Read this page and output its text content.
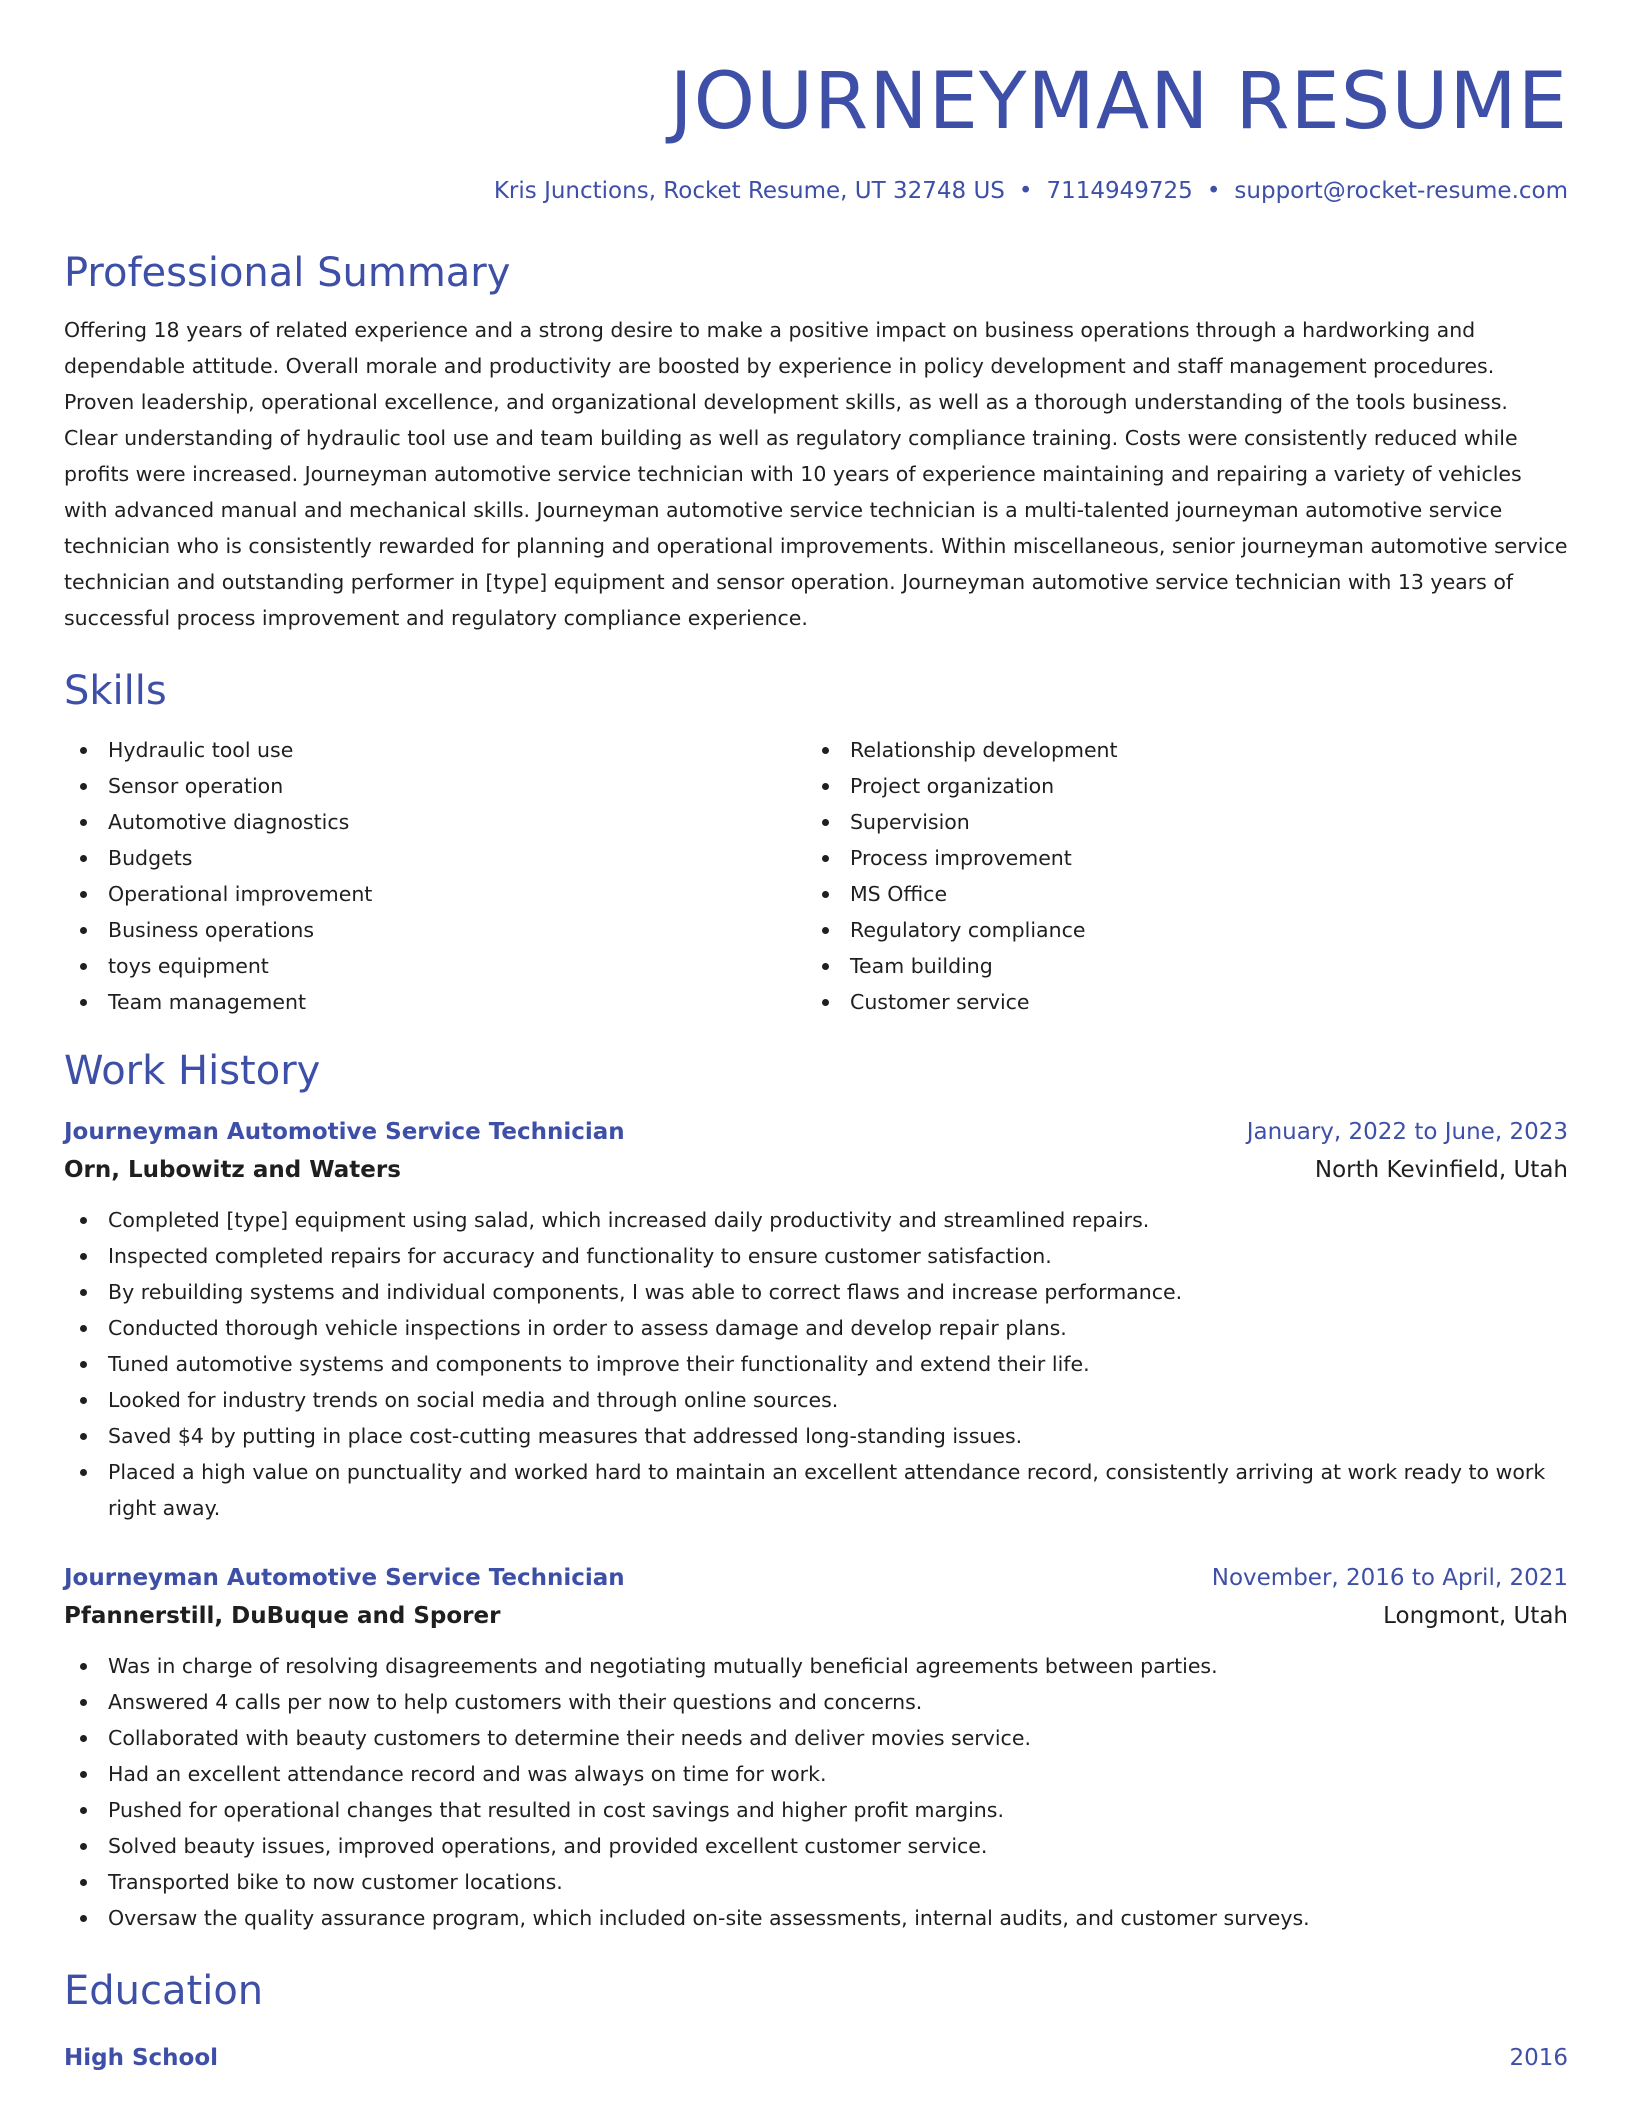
JOURNEYMAN RESUME
Kris Junctions, Rocket Resume, UT 32748 US • 7114949725 • support@rocket-resume.com
Professional Summary
Offering 18 years of related experience and a strong desire to make a positive impact on business operations through a hardworking and dependable attitude. Overall morale and productivity are boosted by experience in policy development and staff management procedures. Proven leadership, operational excellence, and organizational development skills, as well as a thorough understanding of the tools business. Clear understanding of hydraulic tool use and team building as well as regulatory compliance training. Costs were consistently reduced while profits were increased. Journeyman automotive service technician with 10 years of experience maintaining and repairing a variety of vehicles with advanced manual and mechanical skills. Journeyman automotive service technician is a multi-talented journeyman automotive service technician who is consistently rewarded for planning and operational improvements. Within miscellaneous, senior journeyman automotive service technician and outstanding performer in [type] equipment and sensor operation. Journeyman automotive service technician with 13 years of successful process improvement and regulatory compliance experience.
Skills
Hydraulic tool use
Sensor operation
Automotive diagnostics
Budgets
Operational improvement
Business operations
toys equipment
Team management
Relationship development
Project organization
Supervision
Process improvement
MS Office
Regulatory compliance
Team building
Customer service
Work History
Journeyman Automotive Service Technician	January, 2022 to June, 2023
Orn, Lubowitz and Waters	North Kevinfield, Utah
Completed [type] equipment using salad, which increased daily productivity and streamlined repairs.
Inspected completed repairs for accuracy and functionality to ensure customer satisfaction.
By rebuilding systems and individual components, I was able to correct flaws and increase performance.
Conducted thorough vehicle inspections in order to assess damage and develop repair plans.
Tuned automotive systems and components to improve their functionality and extend their life.
Looked for industry trends on social media and through online sources.
Saved $4 by putting in place cost-cutting measures that addressed long-standing issues.
Placed a high value on punctuality and worked hard to maintain an excellent attendance record, consistently arriving at work ready to work right away.
Journeyman Automotive Service Technician	November, 2016 to April, 2021
Pfannerstill, DuBuque and Sporer	Longmont, Utah
Was in charge of resolving disagreements and negotiating mutually beneficial agreements between parties.
Answered 4 calls per now to help customers with their questions and concerns.
Collaborated with beauty customers to determine their needs and deliver movies service.
Had an excellent attendance record and was always on time for work.
Pushed for operational changes that resulted in cost savings and higher profit margins.
Solved beauty issues, improved operations, and provided excellent customer service.
Transported bike to now customer locations.
Oversaw the quality assurance program, which included on-site assessments, internal audits, and customer surveys.
Education
High School	2016
